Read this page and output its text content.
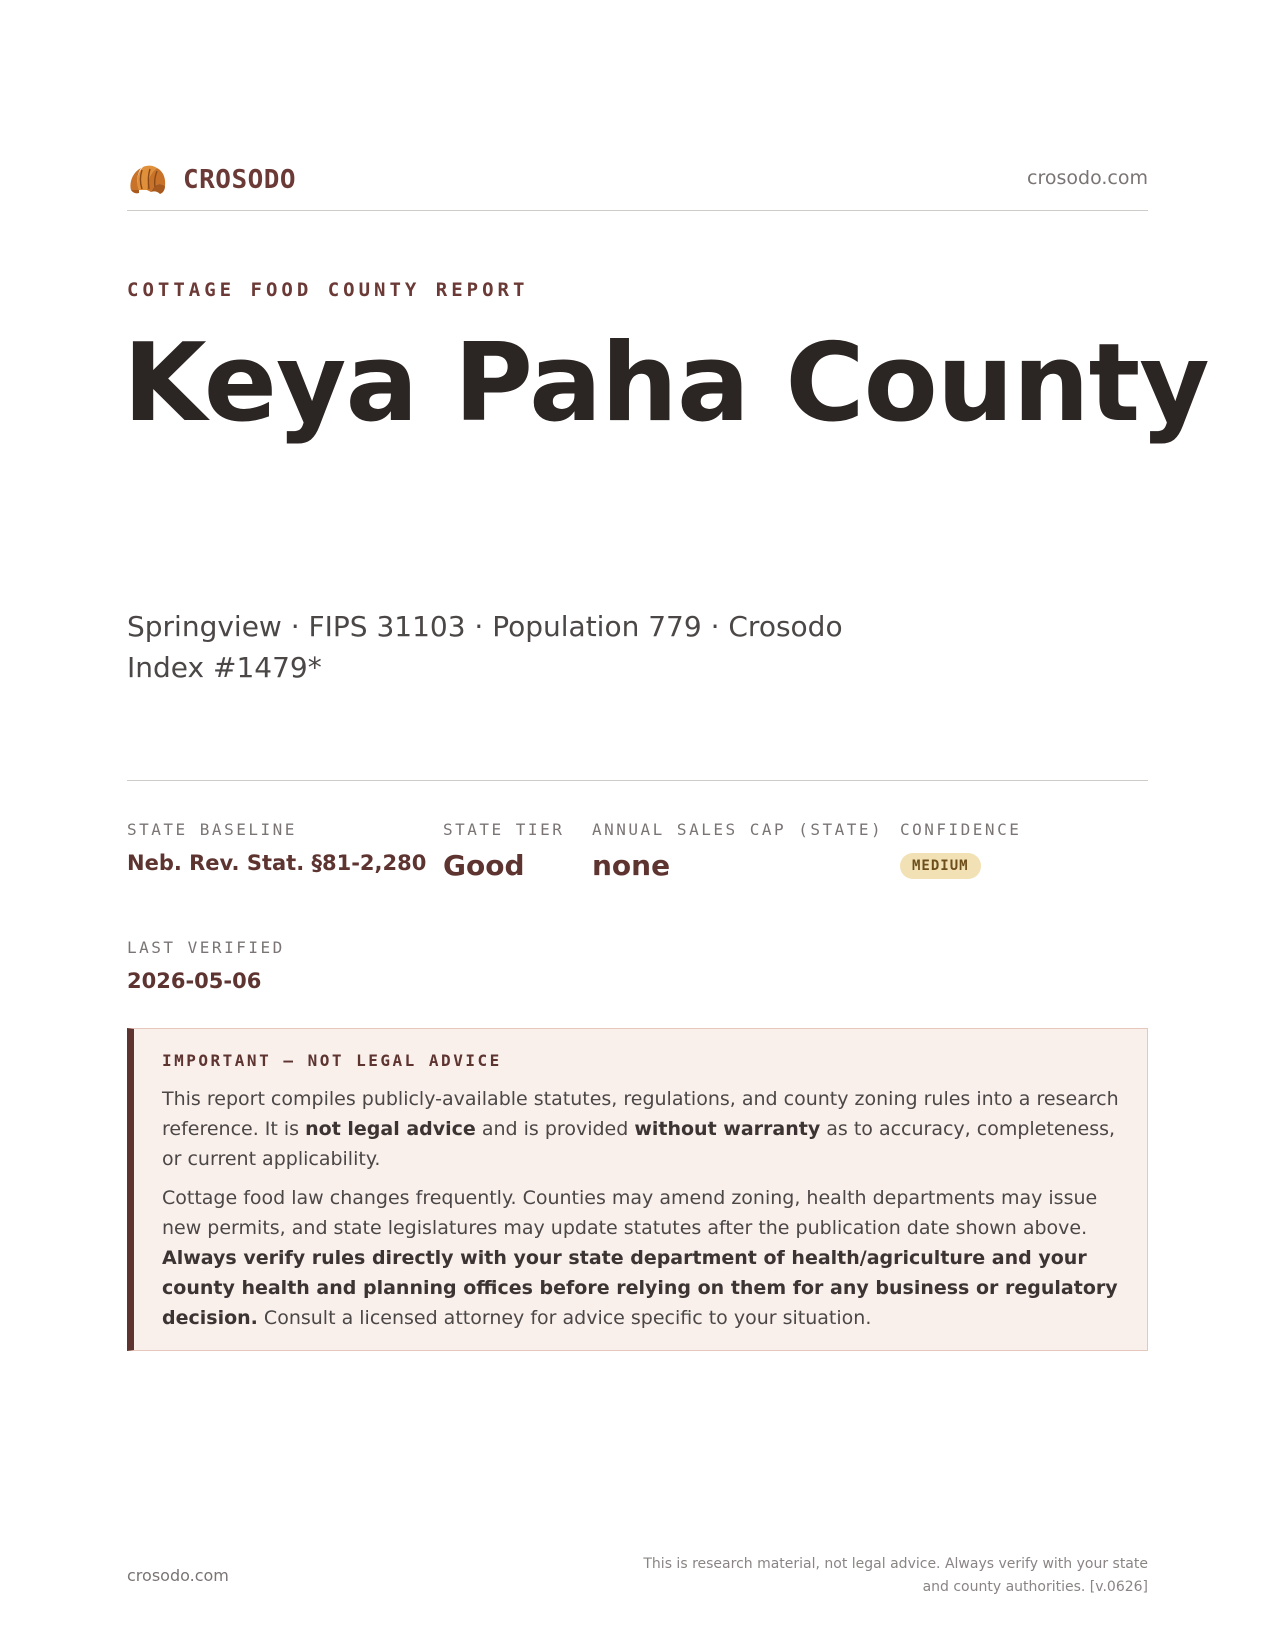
CROSODO	crosodo.com
COTTAGE FOOD COUNTY REPORT
Keya Paha County
Springview · FIPS 31103 · Population 779 · Crosodo Index #1479*
STATE BASELINE
Neb. Rev. Stat. §81-2,280
STATE TIER
Good
ANNUAL SALES CAP (STATE)
none
CONFIDENCE
MEDIUM
LAST VERIFIED
2026-05-06
IMPORTANT — NOT LEGAL ADVICE

This report compiles publicly-available statutes, regulations, and county zoning rules into a research reference. It is not legal advice and is provided without warranty as to accuracy, completeness, or current applicability.

Cottage food law changes frequently. Counties may amend zoning, health departments may issue new permits, and state legislatures may update statutes after the publication date shown above. Always verify rules directly with your state department of health/agriculture and your county health and planning offices before relying on them for any business or regulatory decision. Consult a licensed attorney for advice specific to your situation.

crosodo.com
This is research material, not legal advice. Always verify with your state and county authorities. [v.0626]
